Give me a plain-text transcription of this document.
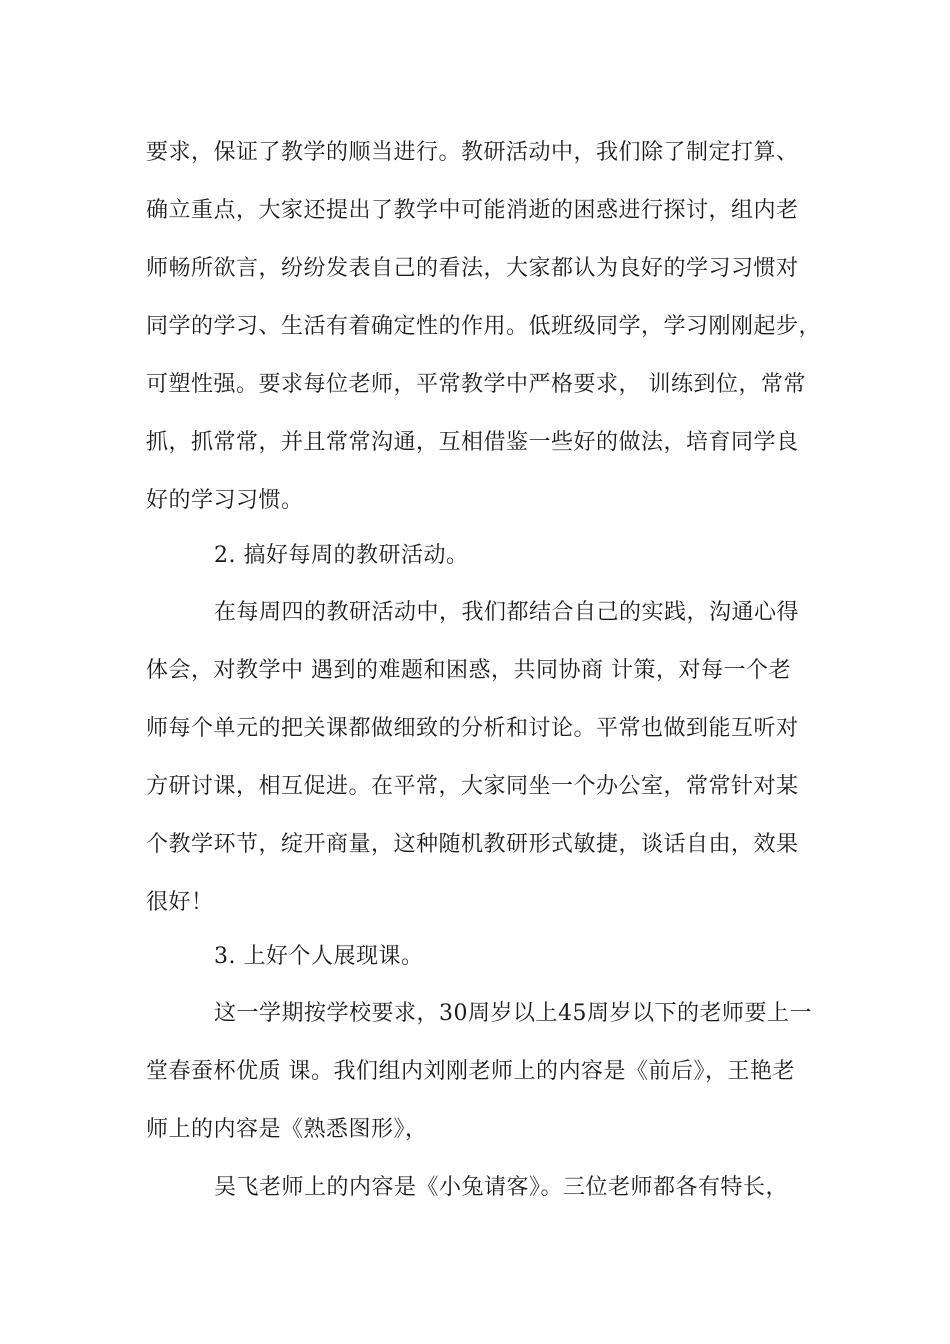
要求，保证了教学的顺当进行。教研活动中，我们除了制定打算、
确立重点，大家还提出了教学中可能消逝的困惑进行探讨，组内老
师畅所欲言，纷纷发表自己的看法，大家都认为良好的学习习惯对
同学的学习、生活有着确定性的作用。低班级同学，学习刚刚起步，
可塑性强。要求每位老师，平常教学中严格要求， 训练到位，常常
抓，抓常常，并且常常沟通，互相借鉴一些好的做法，培育同学良
好的学习习惯。
2. 搞好每周的教研活动。
在每周四的教研活动中，我们都结合自己的实践，沟通心得
体会，对教学中 遇到的难题和困惑，共同协商 计策，对每一个老
师每个单元的把关课都做细致的分析和讨论。平常也做到能互听对
方研讨课，相互促进。在平常，大家同坐一个办公室，常常针对某
个教学环节，绽开商量，这种随机教研形式敏捷，谈话自由，效果
很好！
3. 上好个人展现课。
这一学期按学校要求，30周岁以上45周岁以下的老师要上一
堂春蚕杯优质 课。我们组内刘刚老师上的内容是《前后》，王艳老
师上的内容是《熟悉图形》，
吴飞老师上的内容是《小兔请客》。三位老师都各有特长，
